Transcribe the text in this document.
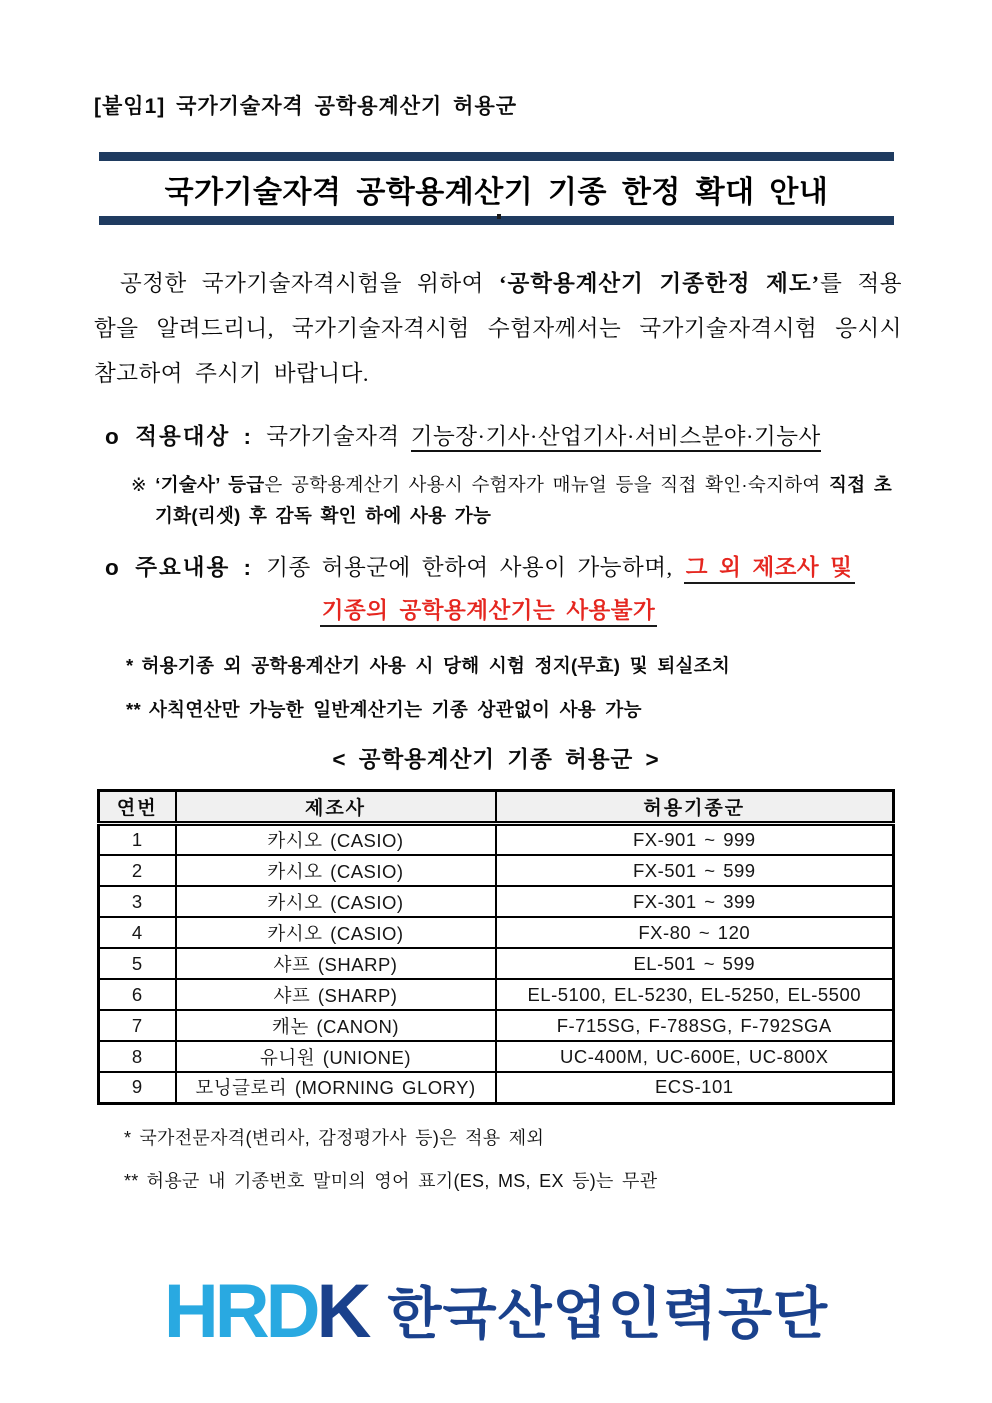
[붙임1] 국가기술자격 공학용계산기 허용군
국가기술자격 공학용계산기 기종 한정 확대 안내

공정한 국가기술자격시험을 위하여 ‘공학용계산기 기종한정 제도’를 적용함을 알려드리니, 국가기술자격시험 수험자께서는 국가기술자격시험 응시시 참고하여 주시기 바랍니다.

o 적용대상 : 국가기술자격 기능장·기사·산업기사·서비스분야·기능사
※ ‘기술사’ 등급은 공학용계산기 사용시 수험자가 매뉴얼 등을 직접 확인·숙지하여 직접 초기화(리셋) 후 감독 확인 하에 사용 가능
o 주요내용 : 기종 허용군에 한하여 사용이 가능하며, 그 외 제조사 및
기종의 공학용계산기는 사용불가
* 허용기종 외 공학용계산기 사용 시 당해 시험 정지(무효) 및 퇴실조치
** 사칙연산만 가능한 일반계산기는 기종 상관없이 사용 가능
< 공학용계산기 기종 허용군 >
연번	제조사	허용기종군
1	카시오 (CASIO)	FX-901 ~ 999
2	카시오 (CASIO)	FX-501 ~ 599
3	카시오 (CASIO)	FX-301 ~ 399
4	카시오 (CASIO)	FX-80 ~ 120
5	샤프 (SHARP)	EL-501 ~ 599
6	샤프 (SHARP)	EL-5100, EL-5230, EL-5250, EL-5500
7	캐논 (CANON)	F-715SG, F-788SG, F-792SGA
8	유니원 (UNIONE)	UC-400M, UC-600E, UC-800X
9	모닝글로리 (MORNING GLORY)	ECS-101
* 국가전문자격(변리사, 감정평가사 등)은 적용 제외
** 허용군 내 기종번호 말미의 영어 표기(ES, MS, EX 등)는 무관
HRDK 한국산업인력공단
